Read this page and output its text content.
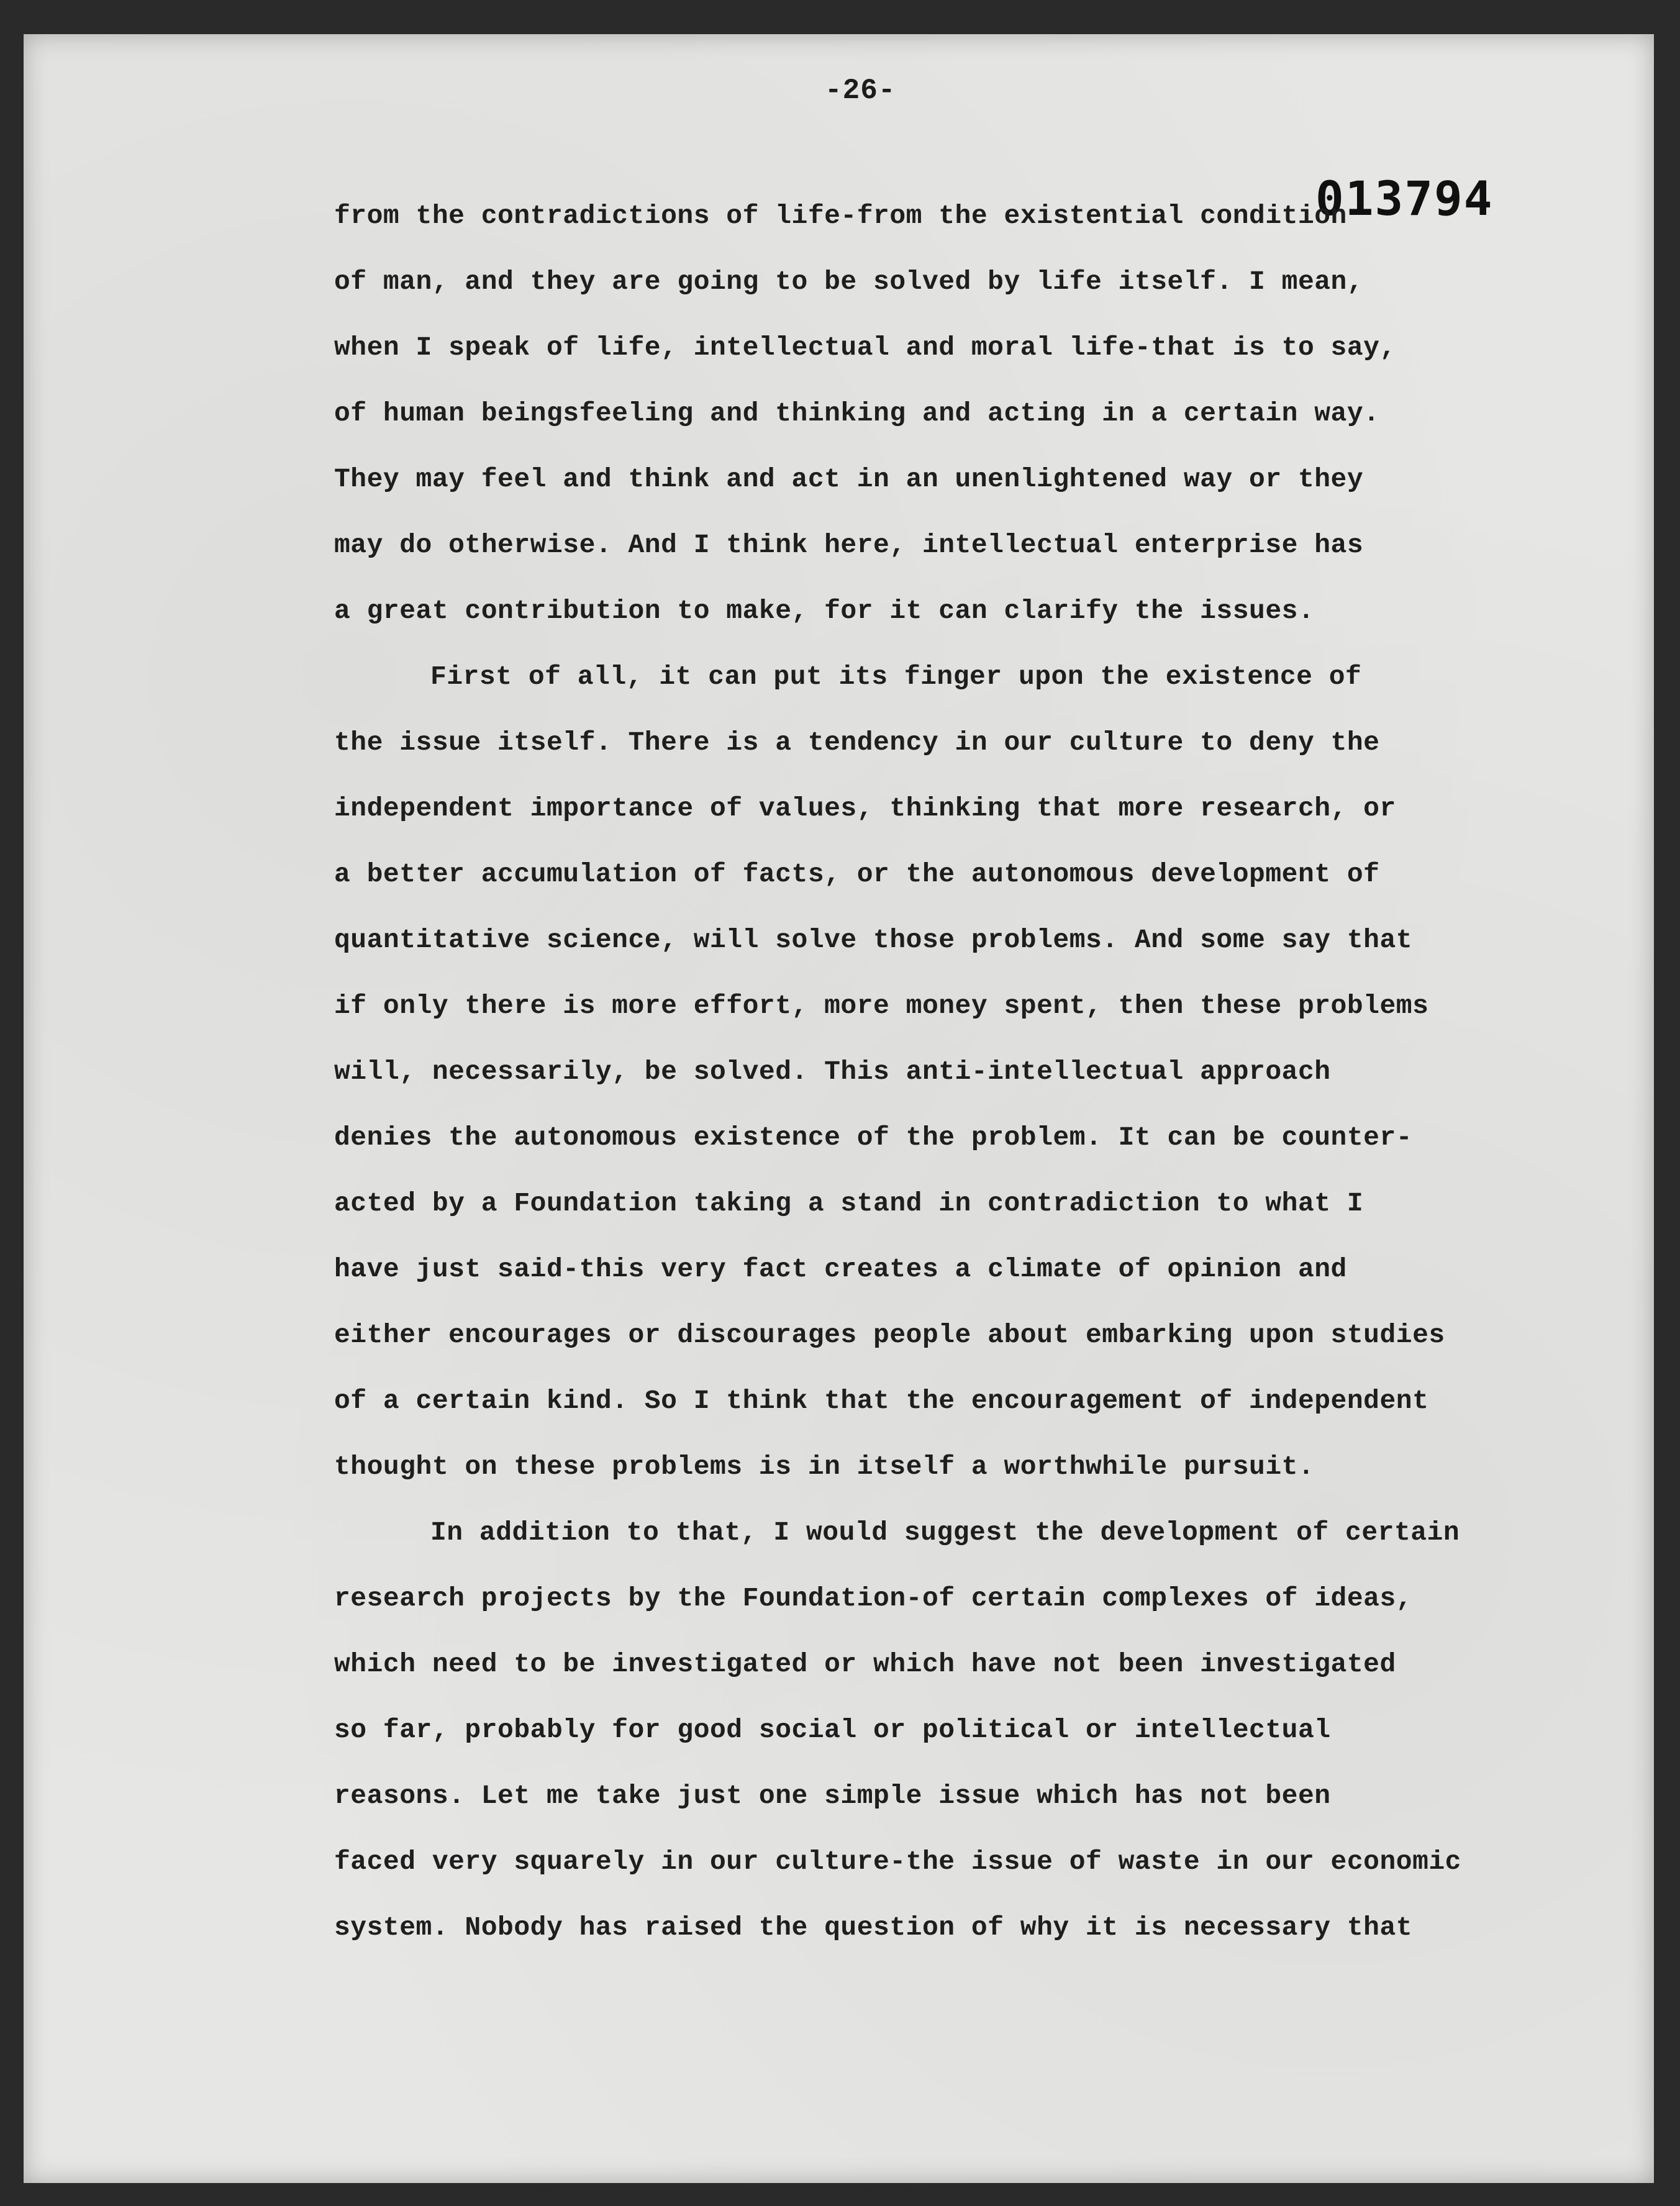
-26-
013794
from the contradictions of life-from the existential condition
of man, and they are going to be solved by life itself. I mean,
when I speak of life, intellectual and moral life-that is to say,
of human beingsfeeling and thinking and acting in a certain way.
They may feel and think and act in an unenlightened way or they
may do otherwise. And I think here, intellectual enterprise has
a great contribution to make, for it can clarify the issues.
First of all, it can put its finger upon the existence of
the issue itself. There is a tendency in our culture to deny the
independent importance of values, thinking that more research, or
a better accumulation of facts, or the autonomous development of
quantitative science, will solve those problems. And some say that
if only there is more effort, more money spent, then these problems
will, necessarily, be solved. This anti-intellectual approach
denies the autonomous existence of the problem. It can be counter-
acted by a Foundation taking a stand in contradiction to what I
have just said-this very fact creates a climate of opinion and
either encourages or discourages people about embarking upon studies
of a certain kind. So I think that the encouragement of independent
thought on these problems is in itself a worthwhile pursuit.
In addition to that, I would suggest the development of certain
research projects by the Foundation-of certain complexes of ideas,
which need to be investigated or which have not been investigated
so far, probably for good social or political or intellectual
reasons. Let me take just one simple issue which has not been
faced very squarely in our culture-the issue of waste in our economic
system. Nobody has raised the question of why it is necessary that
